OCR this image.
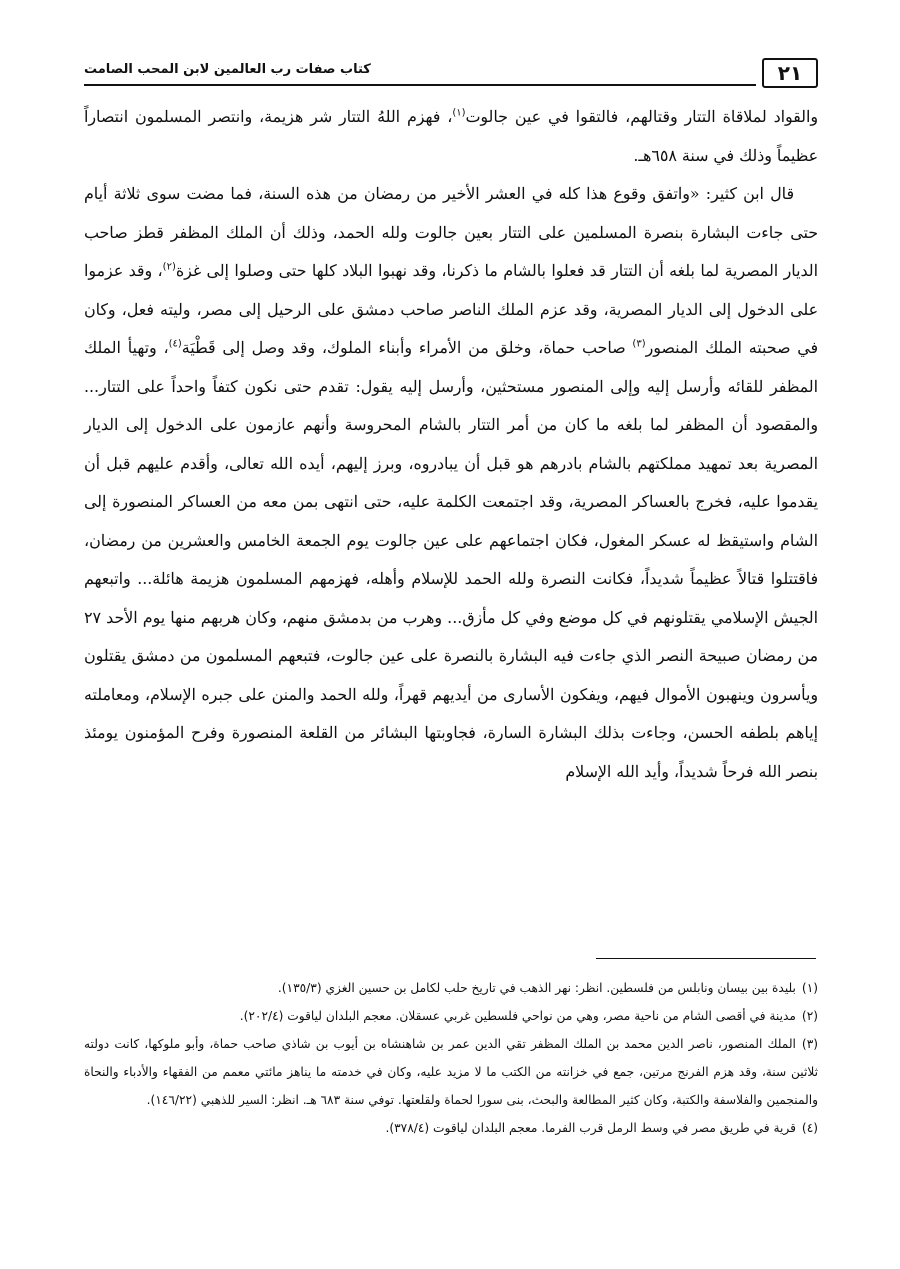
٢١
كتاب صفات رب العالمين لابن المحب الصامت

والقواد لملاقاة التتار وقتالهم، فالتقوا في عين جالوت$^{(١)}$، فهزم اللهُ التتار شر هزيمة، وانتصر المسلمون انتصاراً عظيماً وذلك في سنة ٦٥٨هـ.

قال ابن كثير: «واتفق وقوع هذا كله في العشر الأخير من رمضان من هذه السنة، فما مضت سوى ثلاثة أيام حتى جاءت البشارة بنصرة المسلمين على التتار بعين جالوت ولله الحمد، وذلك أن الملك المظفر قطز صاحب الديار المصرية لما بلغه أن التتار قد فعلوا بالشام ما ذكرنا، وقد نهبوا البلاد كلها حتى وصلوا إلى غزة$^{(٢)}$، وقد عزموا على الدخول إلى الديار المصرية، وقد عزم الملك الناصر صاحب دمشق على الرحيل إلى مصر، وليته فعل، وكان في صحبته الملك المنصور$^{(٣)}$ صاحب حماة، وخلق من الأمراء وأبناء الملوك، وقد وصل إلى قَطْيَة$^{(٤)}$، وتهيأ الملك المظفر للقائه وأرسل إليه وإلى المنصور مستحثين، وأرسل إليه يقول: تقدم حتى نكون كتفاً واحداً على التتار... والمقصود أن المظفر لما بلغه ما كان من أمر التتار بالشام المحروسة وأنهم عازمون على الدخول إلى الديار المصرية بعد تمهيد مملكتهم بالشام بادرهم هو قبل أن يبادروه، وبرز إليهم، أيده الله تعالى، وأقدم عليهم قبل أن يقدموا عليه، فخرج بالعساكر المصرية، وقد اجتمعت الكلمة عليه، حتى انتهى بمن معه من العساكر المنصورة إلى الشام واستيقظ له عسكر المغول، فكان اجتماعهم على عين جالوت يوم الجمعة الخامس والعشرين من رمضان، فاقتتلوا قتالاً عظيماً شديداً، فكانت النصرة ولله الحمد للإسلام وأهله، فهزمهم المسلمون هزيمة هائلة... واتبعهم الجيش الإسلامي يقتلونهم في كل موضع وفي كل مأزق... وهرب من بدمشق منهم، وكان هربهم منها يوم الأحد ٢٧ من رمضان صبيحة النصر الذي جاءت فيه البشارة بالنصرة على عين جالوت، فتبعهم المسلمون من دمشق يقتلون ويأسرون وينهبون الأموال فيهم، ويفكون الأسارى من أيديهم قهراً، ولله الحمد والمنن على جبره الإسلام، ومعاملته إياهم بلطفه الحسن، وجاءت بذلك البشارة السارة، فجاوبتها البشائر من القلعة المنصورة وفرح المؤمنون يومئذ بنصر الله فرحاً شديداً، وأيد الله الإسلام

(١)بليدة بين بيسان ونابلس من فلسطين. انظر: نهر الذهب في تاريخ حلب لكامل بن حسين الغزي (١٣٥/٣).

(٢)مدينة في أقصى الشام من ناحية مصر، وهي من نواحي فلسطين غربي عسقلان. معجم البلدان لياقوت (٢٠٢/٤).

(٣)الملك المنصور، ناصر الدين محمد بن الملك المظفر تقي الدين عمر بن شاهنشاه بن أيوب بن شاذي صاحب حماة، وأبو ملوكها، كانت دولته ثلاثين سنة، وقد هزم الفرنج مرتين، جمع في خزانته من الكتب ما لا مزيد عليه، وكان في خدمته ما يناهز مائتي معمم من الفقهاء والأدباء والنحاة والمنجمين والفلاسفة والكتبة، وكان كثير المطالعة والبحث، بنى سورا لحماة ولقلعتها. توفي سنة ٦٨٣ هـ. انظر: السير للذهبي (١٤٦/٢٢).

(٤)قرية في طريق مصر في وسط الرمل قرب الفرما. معجم البلدان لياقوت (٣٧٨/٤).
